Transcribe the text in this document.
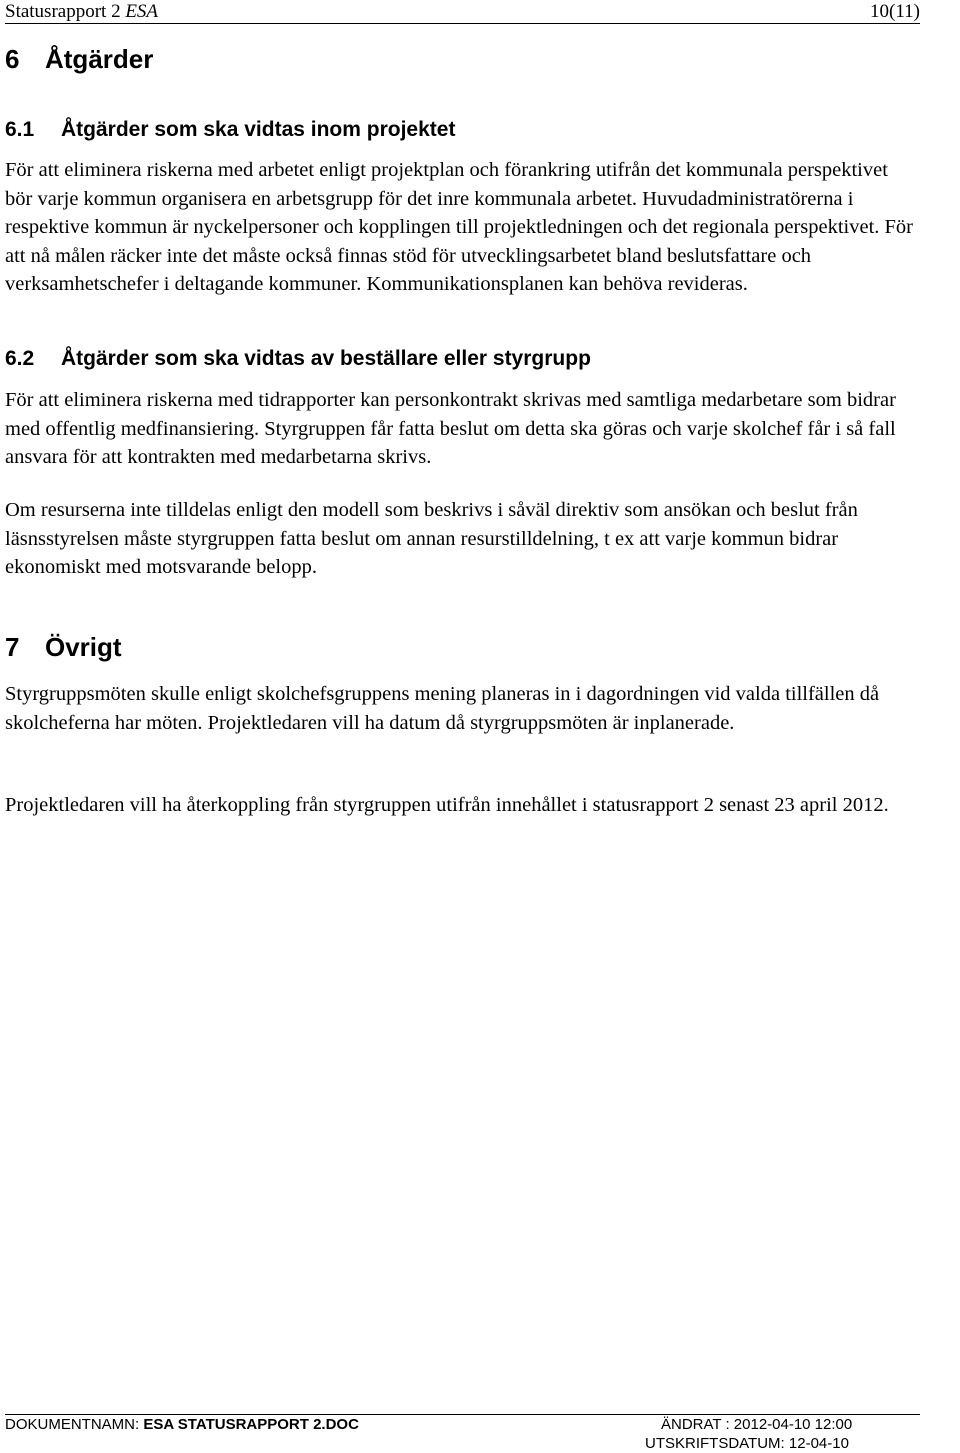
Statusrapport 2 ESA	10(11)
6 Åtgärder
6.1 Åtgärder som ska vidtas inom projektet

För att eliminera riskerna med arbetet enligt projektplan och förankring utifrån det kommunala perspektivet bör varje kommun organisera en arbetsgrupp för det inre kommunala arbetet. Huvudadministratörerna i respektive kommun är nyckelpersoner och kopplingen till projektledningen och det regionala perspektivet. För att nå målen räcker inte det måste också finnas stöd för utvecklingsarbetet bland beslutsfattare och verksamhetschefer i deltagande kommuner. Kommunikationsplanen kan behöva revideras.

6.2 Åtgärder som ska vidtas av beställare eller styrgrupp

För att eliminera riskerna med tidrapporter kan personkontrakt skrivas med samtliga medarbetare som bidrar med offentlig medfinansiering. Styrgruppen får fatta beslut om detta ska göras och varje skolchef får i så fall ansvara för att kontrakten med medarbetarna skrivs.

Om resurserna inte tilldelas enligt den modell som beskrivs i såväl direktiv som ansökan och beslut från läsnsstyrelsen måste styrgruppen fatta beslut om annan resurstilldelning, t ex att varje kommun bidrar ekonomiskt med motsvarande belopp.

7 Övrigt

Styrgruppsmöten skulle enligt skolchefsgruppens mening planeras in i dagordningen vid valda tillfällen då skolcheferna har möten. Projektledaren vill ha datum då styrgruppsmöten är inplanerade.

Projektledaren vill ha återkoppling från styrgruppen utifrån innehållet i statusrapport 2 senast 23 april 2012.

DOKUMENTNAMN: ESA STATUSRAPPORT 2.DOC	ÄNDRAT : 2012-04-10 12:00
UTSKRIFTSDATUM: 12-04-10
